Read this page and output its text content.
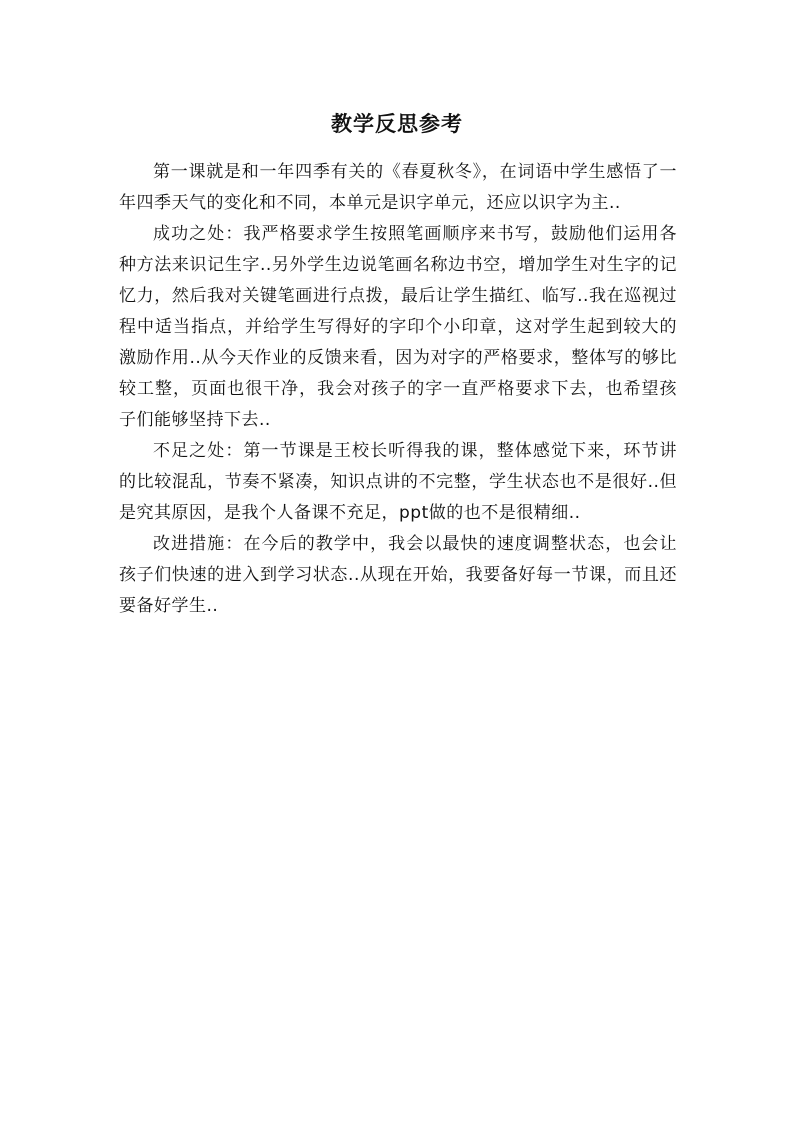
教学反思参考

第一课就是和一年四季有关的《春夏秋冬》，在词语中学生感悟了一年四季天气的变化和不同，本单元是识字单元，还应以识字为主..

成功之处：我严格要求学生按照笔画顺序来书写，鼓励他们运用各种方法来识记生字..另外学生边说笔画名称边书空，增加学生对生字的记忆力，然后我对关键笔画进行点拨，最后让学生描红、临写..我在巡视过程中适当指点，并给学生写得好的字印个小印章，这对学生起到较大的激励作用..从今天作业的反馈来看，因为对字的严格要求，整体写的够比较工整，页面也很干净，我会对孩子的字一直严格要求下去，也希望孩子们能够坚持下去..

不足之处：第一节课是王校长听得我的课，整体感觉下来，环节讲的比较混乱，节奏不紧凑，知识点讲的不完整，学生状态也不是很好..但是究其原因，是我个人备课不充足，ppt做的也不是很精细..

改进措施：在今后的教学中，我会以最快的速度调整状态，也会让孩子们快速的进入到学习状态..从现在开始，我要备好每一节课，而且还要备好学生..
